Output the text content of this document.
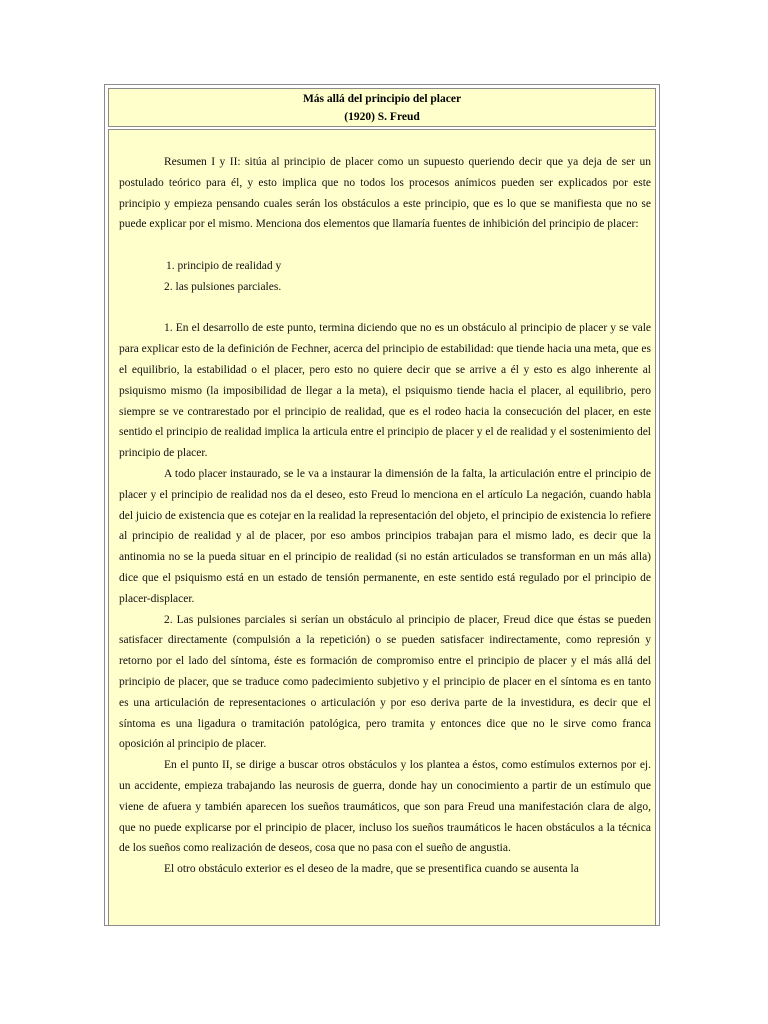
Más allá del principio del placer
(1920) S. Freud

Resumen I y II: sitúa al principio de placer como un supuesto queriendo decir que ya deja de ser un postulado teórico para él, y esto implica que no todos los procesos anímicos pueden ser explicados por este principio y empieza pensando cuales serán los obstáculos a este principio, que es lo que se manifiesta que no se puede explicar por el mismo. Menciona dos elementos que llamaría fuentes de inhibición del principio de placer:

1. principio de realidad y

2. las pulsiones parciales.

1. En el desarrollo de este punto, termina diciendo que no es un obstáculo al principio de placer y se vale para explicar esto de la definición de Fechner, acerca del principio de estabilidad: que tiende hacia una meta, que es el equilibrio, la estabilidad o el placer, pero esto no quiere decir que se arrive a él y esto es algo inherente al psiquismo mismo (la imposibilidad de llegar a la meta), el psiquismo tiende hacia el placer, al equilibrio, pero siempre se ve contrarestado por el principio de realidad, que es el rodeo hacia la consecución del placer, en este sentido el principio de realidad implica la articula entre el principio de placer y el de realidad y el sostenimiento del principio de placer.

A todo placer instaurado, se le va a instaurar la dimensión de la falta, la articulación entre el principio de placer y el principio de realidad nos da el deseo, esto Freud lo menciona en el artículo La negación, cuando habla del juicio de existencia que es cotejar en la realidad la representación del objeto, el principio de existencia lo refiere al principio de realidad y al de placer, por eso ambos principios trabajan para el mismo lado, es decir que la antinomia no se la pueda situar en el principio de realidad (si no están articulados se transforman en un más alla) dice que el psiquismo está en un estado de tensión permanente, en este sentido está regulado por el principio de placer-displacer.

2. Las pulsiones parciales si serían un obstáculo al principio de placer, Freud dice que éstas se pueden satisfacer directamente (compulsión a la repetición) o se pueden satisfacer indirectamente, como represión y retorno por el lado del síntoma, éste es formación de compromiso entre el principio de placer y el más allá del principio de placer, que se traduce como padecimiento subjetivo y el principio de placer en el síntoma es en tanto es una articulación de representaciones o articulación y por eso deriva parte de la investidura, es decir que el síntoma es una ligadura o tramitación patológica, pero tramita y entonces dice que no le sirve como franca oposición al principio de placer.

En el punto II, se dirige a buscar otros obstáculos y los plantea a éstos, como estímulos externos por ej. un accidente, empieza trabajando las neurosis de guerra, donde hay un conocimiento a partir de un estímulo que viene de afuera y también aparecen los sueños traumáticos, que son para Freud una manifestación clara de algo, que no puede explicarse por el principio de placer, incluso los sueños traumáticos le hacen obstáculos a la técnica de los sueños como realización de deseos, cosa que no pasa con el sueño de angustia.

El otro obstáculo exterior es el deseo de la madre, que se presentifica cuando se ausenta la
